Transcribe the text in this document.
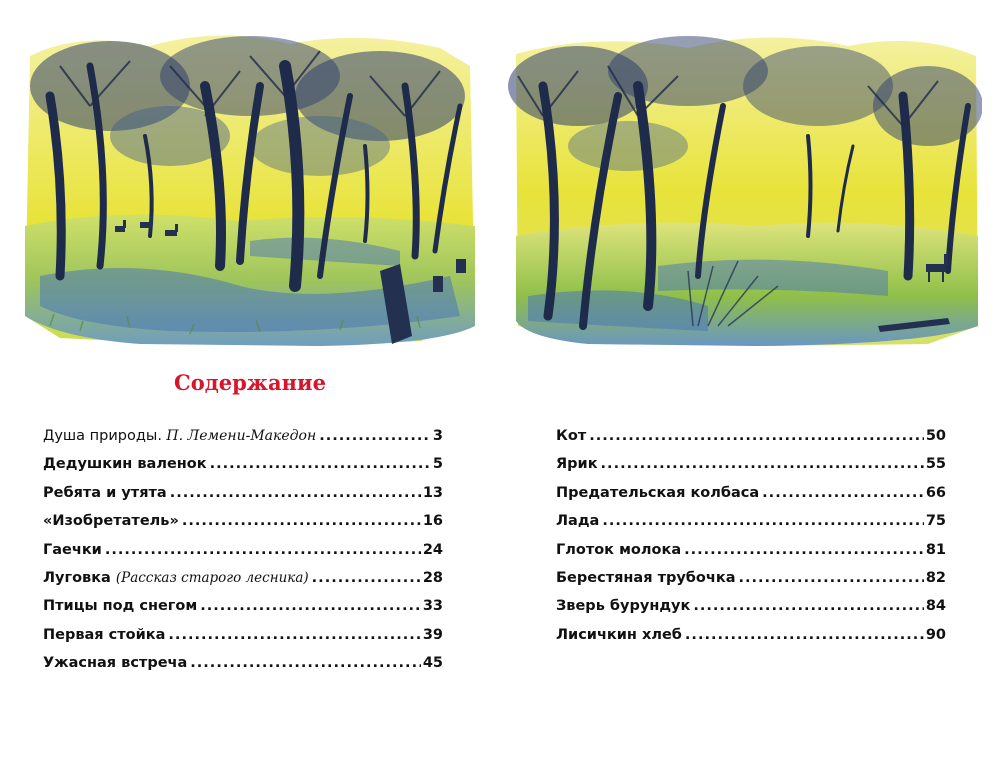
Содержание
Душа природы. П. Лемени-Македон .....	3
Дедушкин валенок .....	5
Ребята и утята .....	13
«Изобретатель» .....	16
Гаечки .....	24
Луговка (Рассказ старого лесника) .....	28
Птицы под снегом .....	33
Первая стойка .....	39
Ужасная встреча .....	45
Кот .....	50
Ярик .....	55
Предательская колбаса .....	66
Лада .....	75
Глоток молока .....	81
Берестяная трубочка .....	82
Зверь бурундук .....	84
Лисичкин хлеб .....	90
